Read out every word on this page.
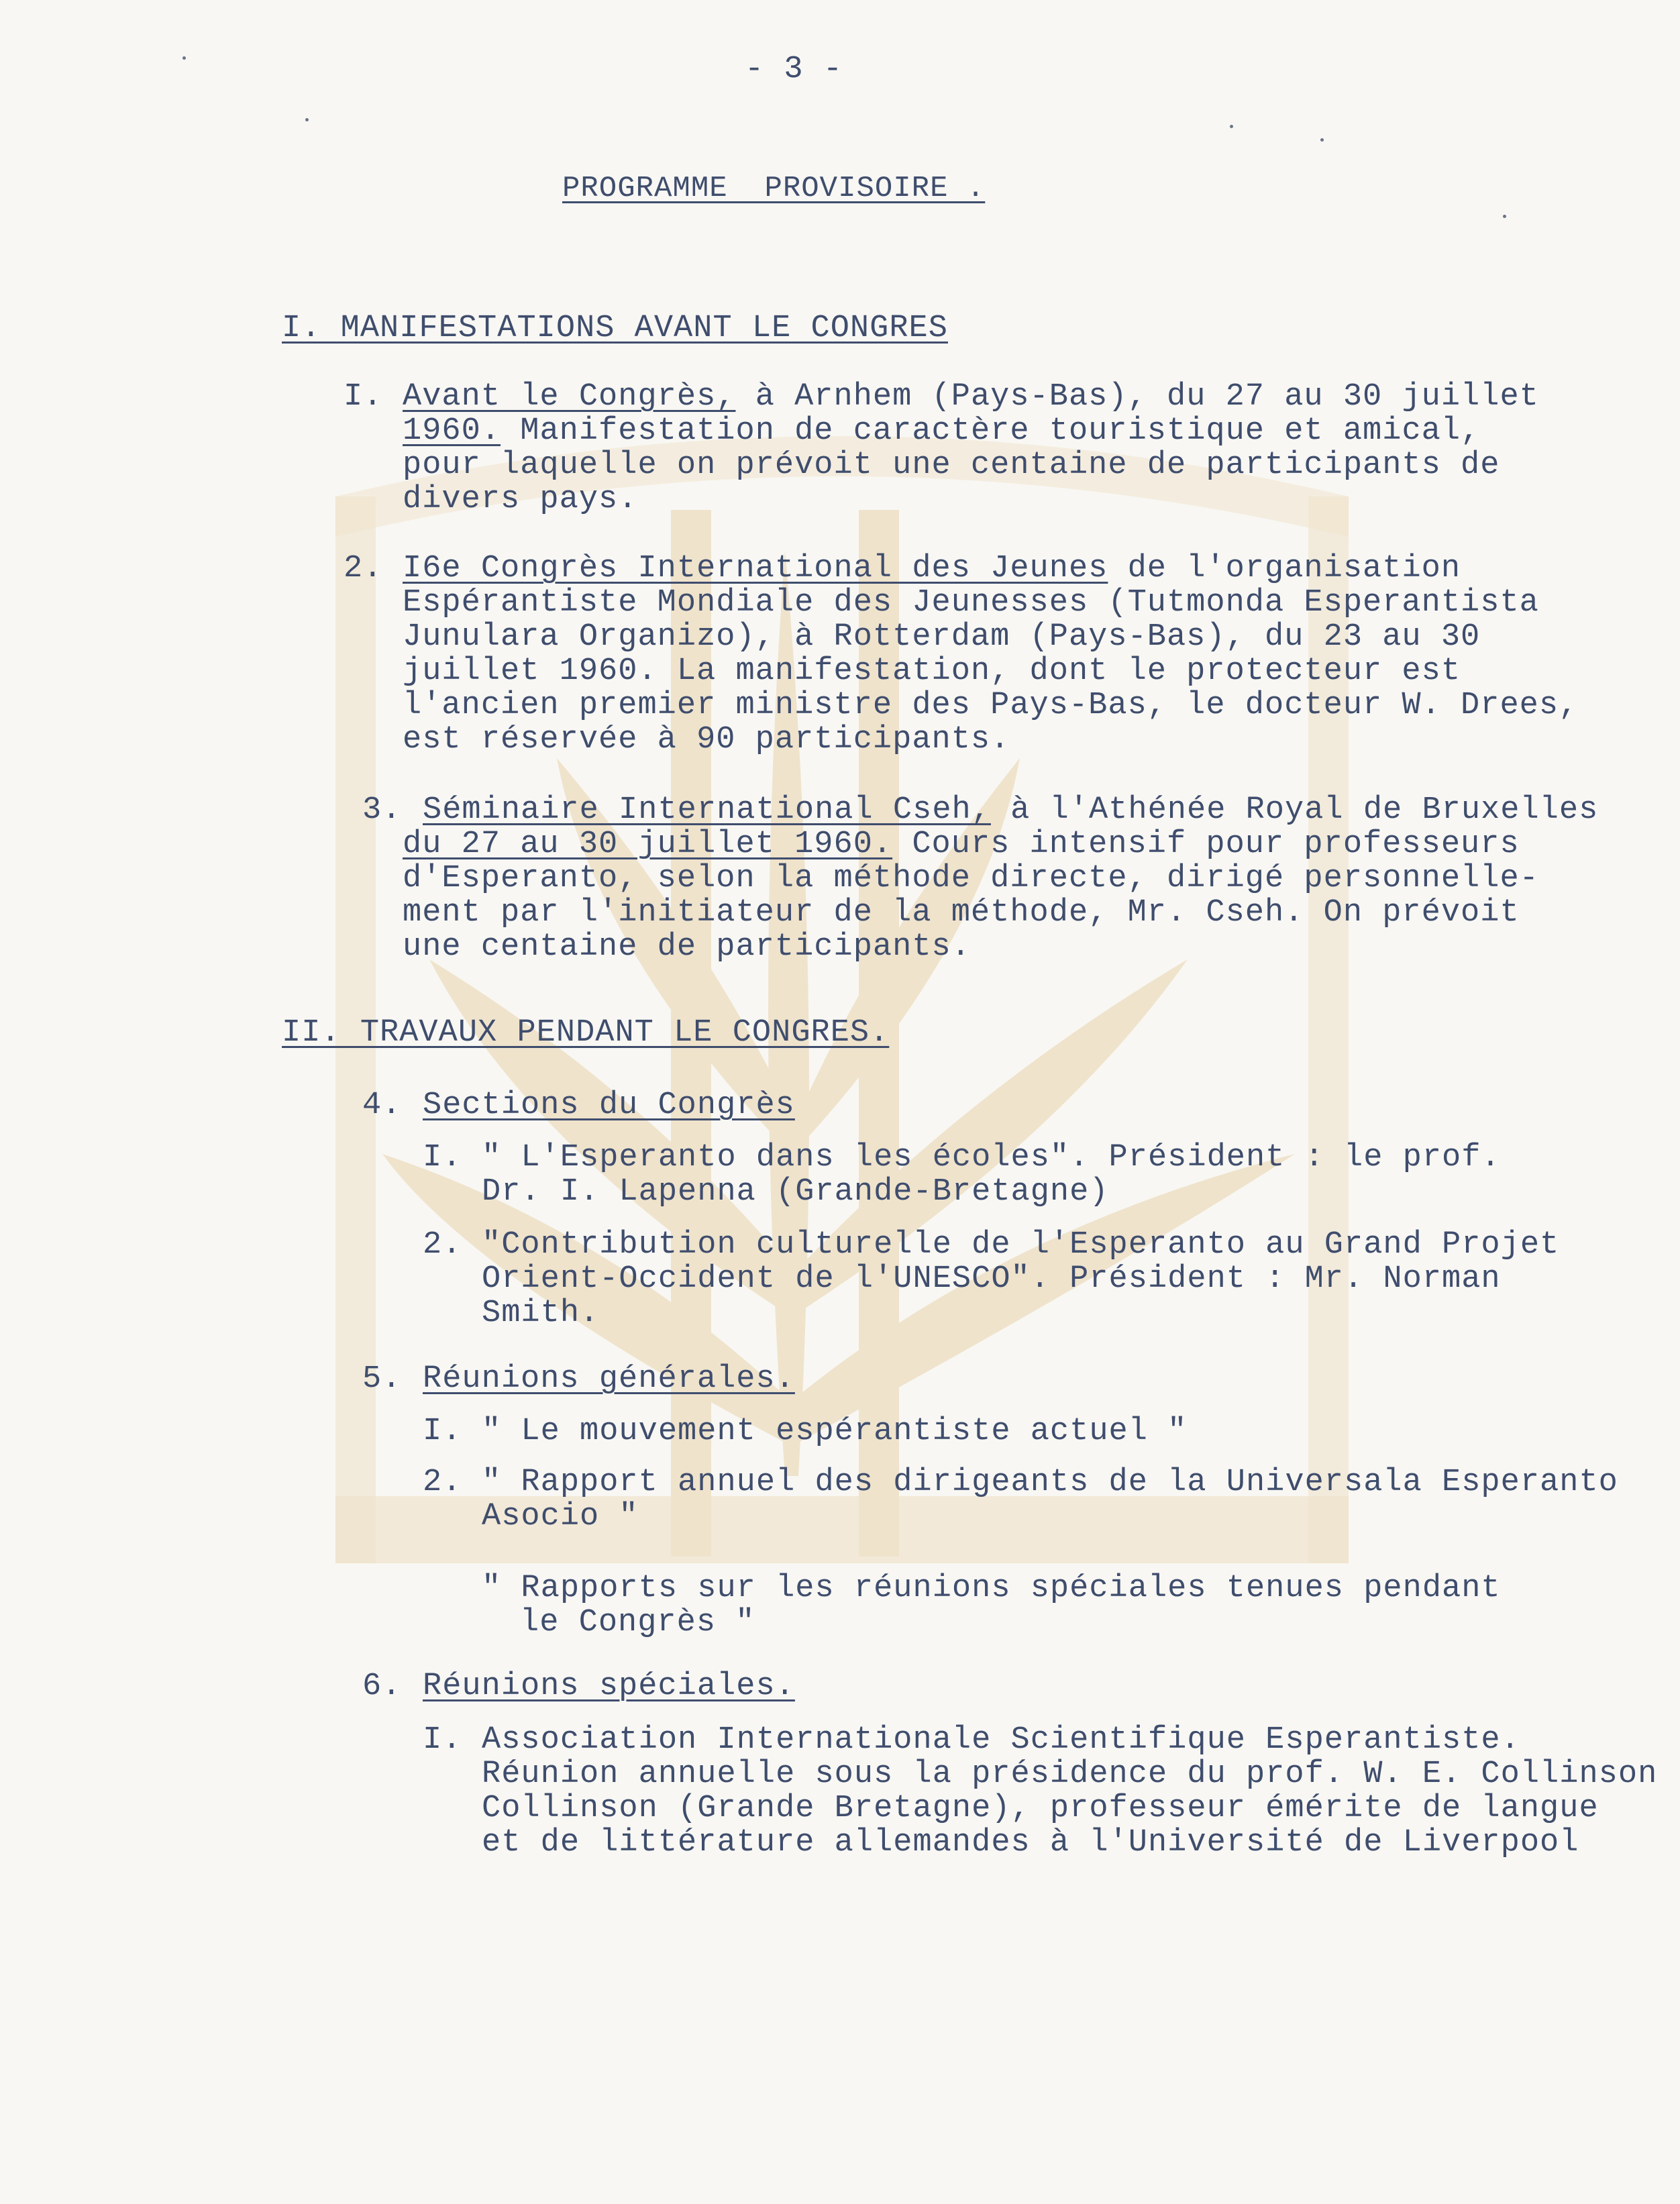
- 3 -
PROGRAMME  PROVISOIRE .
I. MANIFESTATIONS AVANT LE CONGRES
I. Avant le Congrès, à Arnhem (Pays-Bas), du 27 au 30 juillet
1960. Manifestation de caractère touristique et amical,
pour laquelle on prévoit une centaine de participants de
divers pays.
2. I6e Congrès International des Jeunes de l'organisation
Espérantiste Mondiale des Jeunesses (Tutmonda Esperantista
Junulara Organizo), à Rotterdam (Pays-Bas), du 23 au 30
juillet 1960. La manifestation, dont le protecteur est
l'ancien premier ministre des Pays-Bas, le docteur W. Drees,
est réservée à 90 participants.
3. Séminaire International Cseh, à l'Athénée Royal de Bruxelles
du 27 au 30 juillet 1960. Cours intensif pour professeurs
d'Esperanto, selon la méthode directe, dirigé personnelle-
ment par l'initiateur de la méthode, Mr. Cseh. On prévoit
une centaine de participants.
II. TRAVAUX PENDANT LE CONGRES.
4. Sections du Congrès
I. " L'Esperanto dans les écoles". Président : le prof.
Dr. I. Lapenna (Grande-Bretagne)
2. "Contribution culturelle de l'Esperanto au Grand Projet
Orient-Occident de l'UNESCO". Président : Mr. Norman
Smith.
5. Réunions générales.
I. " Le mouvement espérantiste actuel "
2. " Rapport annuel des dirigeants de la Universala Esperanto
Asocio "
" Rapports sur les réunions spéciales tenues pendant
le Congrès "
6. Réunions spéciales.
I. Association Internationale Scientifique Esperantiste.
Réunion annuelle sous la présidence du prof. W. E. Collinson
Collinson (Grande Bretagne), professeur émérite de langue
et de littérature allemandes à l'Université de Liverpool
